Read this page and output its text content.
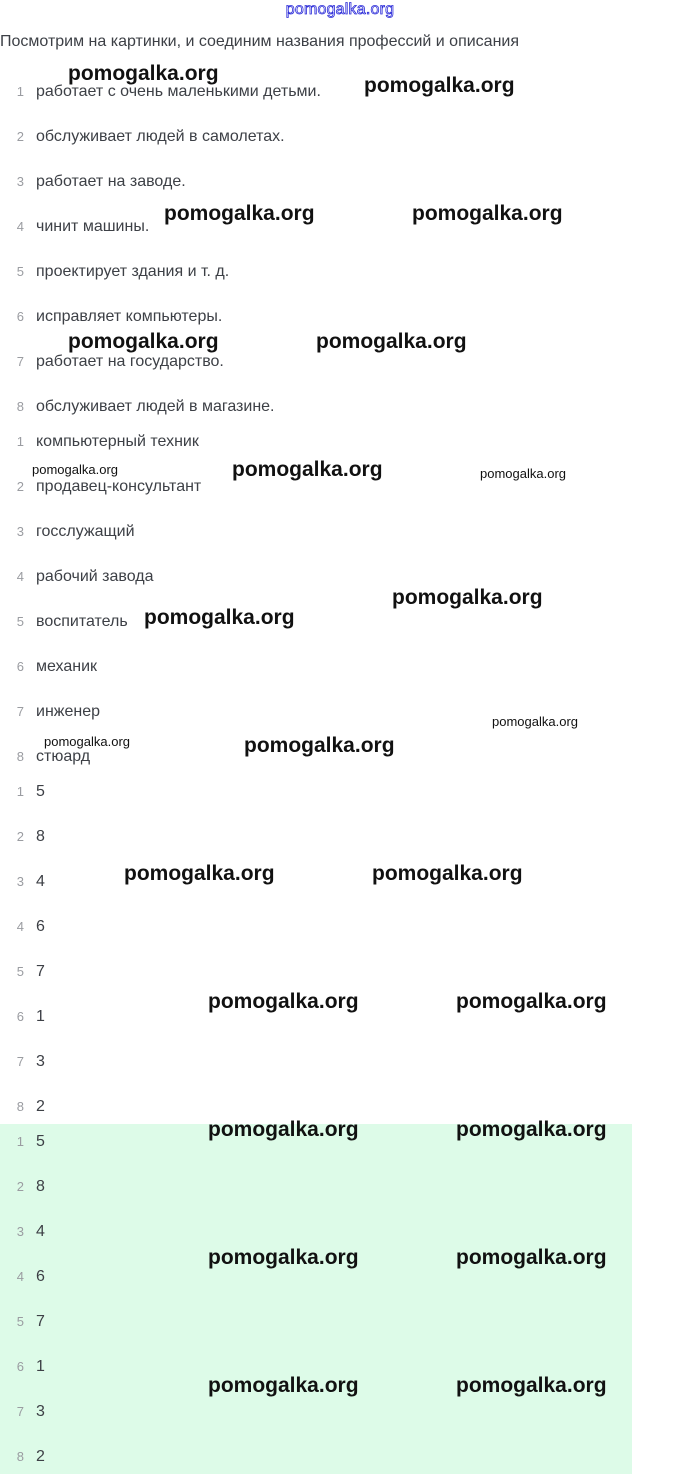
pomogalka.org
Посмотрим на картинки, и соединим названия профессий и описания
1 работает с очень маленькими детьми.
2 обслуживает людей в самолетах.
3 работает на заводе.
4 чинит машины.
5 проектирует здания и т. д.
6 исправляет компьютеры.
7 работает на государство.
8 обслуживает людей в магазине.
1 компьютерный техник
2 продавец-консультант
3 госслужащий
4 рабочий завода
5 воспитатель
6 механик
7 инженер
8 стюард
1 5
2 8
3 4
4 6
5 7
6 1
7 3
8 2
1 5
2 8
3 4
4 6
5 7
6 1
7 3
8 2
pomogalka.org
pomogalka.org
pomogalka.org	pomogalka.org
pomogalka.org
pomogalka.org
pomogalka.org	pomogalka.org	pomogalka.org
pomogalka.org
pomogalka.org
pomogalka.org
pomogalka.org	pomogalka.org
pomogalka.org	pomogalka.org
pomogalka.org	pomogalka.org
pomogalka.org	pomogalka.org
pomogalka.org	pomogalka.org
pomogalka.org	pomogalka.org
